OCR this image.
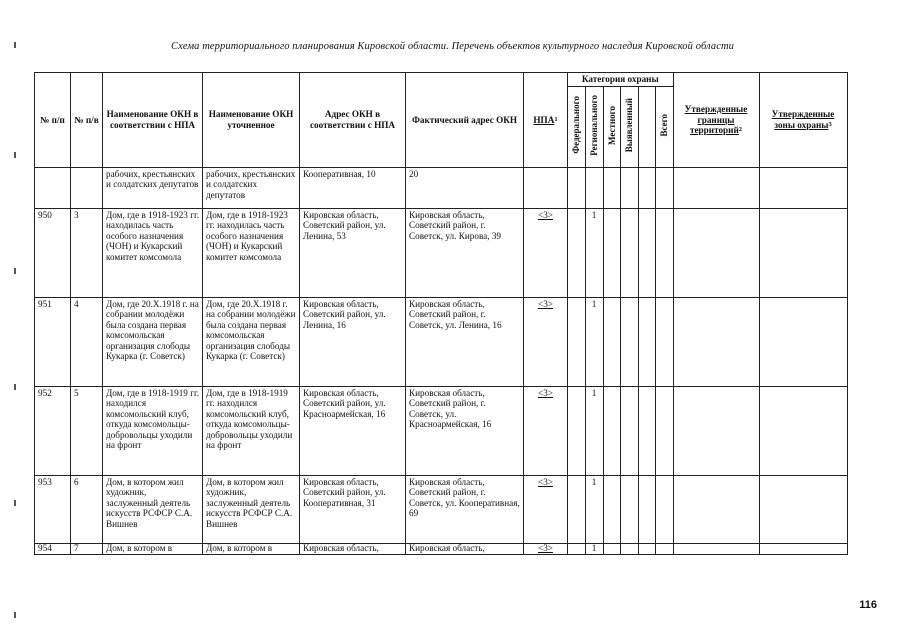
Схема территориального планирования Кировской области. Перечень объектов культурного наследия Кировской области
№ п/п	№ п/в	Наименование ОКН в соответствии с НПА	Наименование ОКН уточненное	Адрес ОКН в соответствии с НПА	Фактический адрес ОКН	НПА$^1$	Категория охраны						Утвержденные границы территорий$^2$	Утвержденные зоны охраны$^3$
							Федерального	Регионального	Местного	Выявленный		Всего		
		рабочих, крестьянских и солдатских депутатов	рабочих, крестьянских и солдатских депутатов	Кооперативная, 10	20									
950	3	Дом, где в 1918-1923 гг. находилась часть особого назначения (ЧОН) и Кукарский комитет комсомола	Дом, где в 1918-1923 гг. находилась часть особого назначения (ЧОН) и Кукарский комитет комсомола	Кировская область, Советский район, ул. Ленина, 53	Кировская область, Советский район, г. Советск, ул. Кирова, 39	<3>		1						
951	4	Дом, где 20.X.1918 г. на собрании молодёжи была создана первая комсомольская организация слободы Кукарка (г. Советск)	Дом, где 20.X.1918 г. на собрании молодёжи была создана первая комсомольская организация слободы Кукарка (г. Советск)	Кировская область, Советский район, ул. Ленина, 16	Кировская область, Советский район, г. Советск, ул. Ленина, 16	<3>		1						
952	5	Дом, где в 1918-1919 гг. находился комсомольский клуб, откуда комсомольцы-добровольцы уходили на фронт	Дом, где в 1918-1919 гг. находился комсомольский клуб, откуда комсомольцы-добровольцы уходили на фронт	Кировская область, Советский район, ул. Красноармейская, 16	Кировская область, Советский район, г. Советск, ул. Красноармейская, 16	<3>		1						
953	6	Дом, в котором жил художник, заслуженный деятель искусств РСФСР С.А. Вишнев	Дом, в котором жил художник, заслуженный деятель искусств РСФСР С.А. Вишнев	Кировская область, Советский район, ул. Кооперативная, 31	Кировская область, Советский район, г. Советск, ул. Кооперативная, 69	<3>		1						
954	7	Дом, в котором в	Дом, в котором в	Кировская область,	Кировская область,	<3>		1						
116
